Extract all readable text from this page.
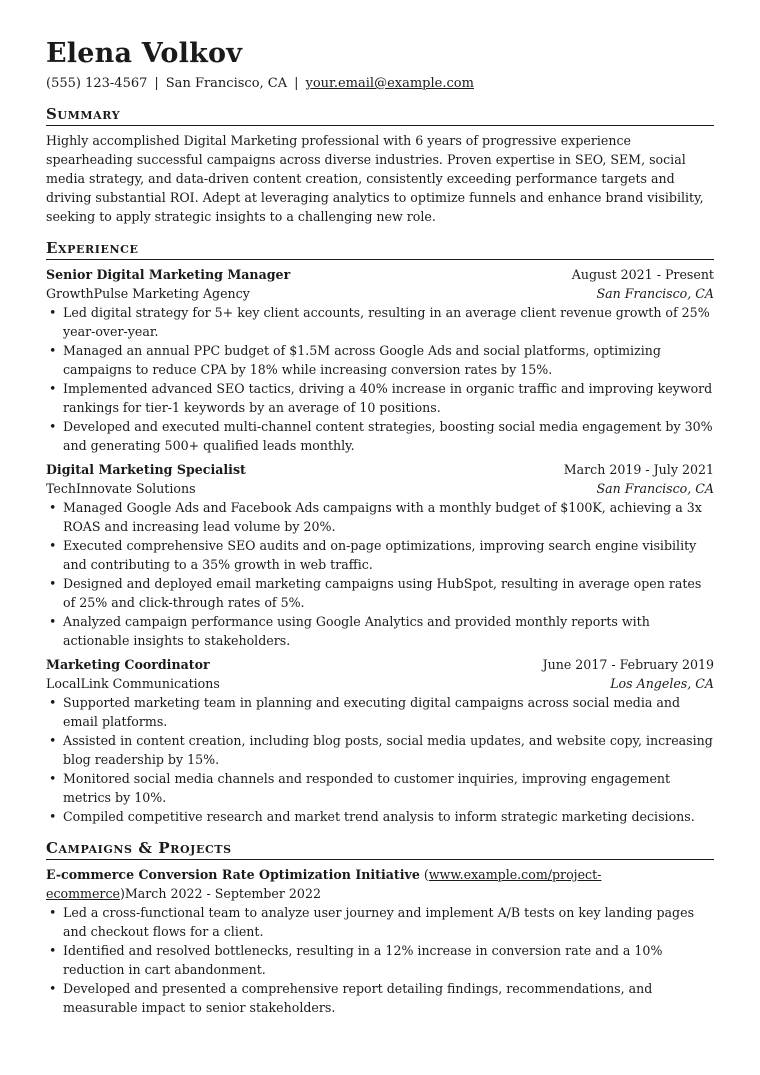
Elena Volkov
(555) 123-4567 | San Francisco, CA | your.email@example.com
Summary

Highly accomplished Digital Marketing professional with 6 years of progressive experience spearheading successful campaigns across diverse industries. Proven expertise in SEO, SEM, social media strategy, and data-driven content creation, consistently exceeding performance targets and driving substantial ROI. Adept at leveraging analytics to optimize funnels and enhance brand visibility, seeking to apply strategic insights to a challenging new role.

Experience
Senior Digital Marketing Manager	August 2021 - Present
GrowthPulse Marketing Agency	San Francisco, CA
• Led digital strategy for 5+ key client accounts, resulting in an average client revenue growth of 25% year-over-year.
• Managed an annual PPC budget of $1.5M across Google Ads and social platforms, optimizing campaigns to reduce CPA by 18% while increasing conversion rates by 15%.
• Implemented advanced SEO tactics, driving a 40% increase in organic traffic and improving keyword rankings for tier-1 keywords by an average of 10 positions.
• Developed and executed multi-channel content strategies, boosting social media engagement by 30% and generating 500+ qualified leads monthly.
Digital Marketing Specialist	March 2019 - July 2021
TechInnovate Solutions	San Francisco, CA
• Managed Google Ads and Facebook Ads campaigns with a monthly budget of $100K, achieving a 3x ROAS and increasing lead volume by 20%.
• Executed comprehensive SEO audits and on-page optimizations, improving search engine visibility and contributing to a 35% growth in web traffic.
• Designed and deployed email marketing campaigns using HubSpot, resulting in average open rates of 25% and click-through rates of 5%.
• Analyzed campaign performance using Google Analytics and provided monthly reports with actionable insights to stakeholders.
Marketing Coordinator	June 2017 - February 2019
LocalLink Communications	Los Angeles, CA
• Supported marketing team in planning and executing digital campaigns across social media and email platforms.
• Assisted in content creation, including blog posts, social media updates, and website copy, increasing blog readership by 15%.
• Monitored social media channels and responded to customer inquiries, improving engagement metrics by 10%.
• Compiled competitive research and market trend analysis to inform strategic marketing decisions.
Campaigns & Projects
E-commerce Conversion Rate Optimization Initiative (www.example.com/project-ecommerce)March 2022 - September 2022
• Led a cross-functional team to analyze user journey and implement A/B tests on key landing pages and checkout flows for a client.
• Identified and resolved bottlenecks, resulting in a 12% increase in conversion rate and a 10% reduction in cart abandonment.
• Developed and presented a comprehensive report detailing findings, recommendations, and measurable impact to senior stakeholders.
